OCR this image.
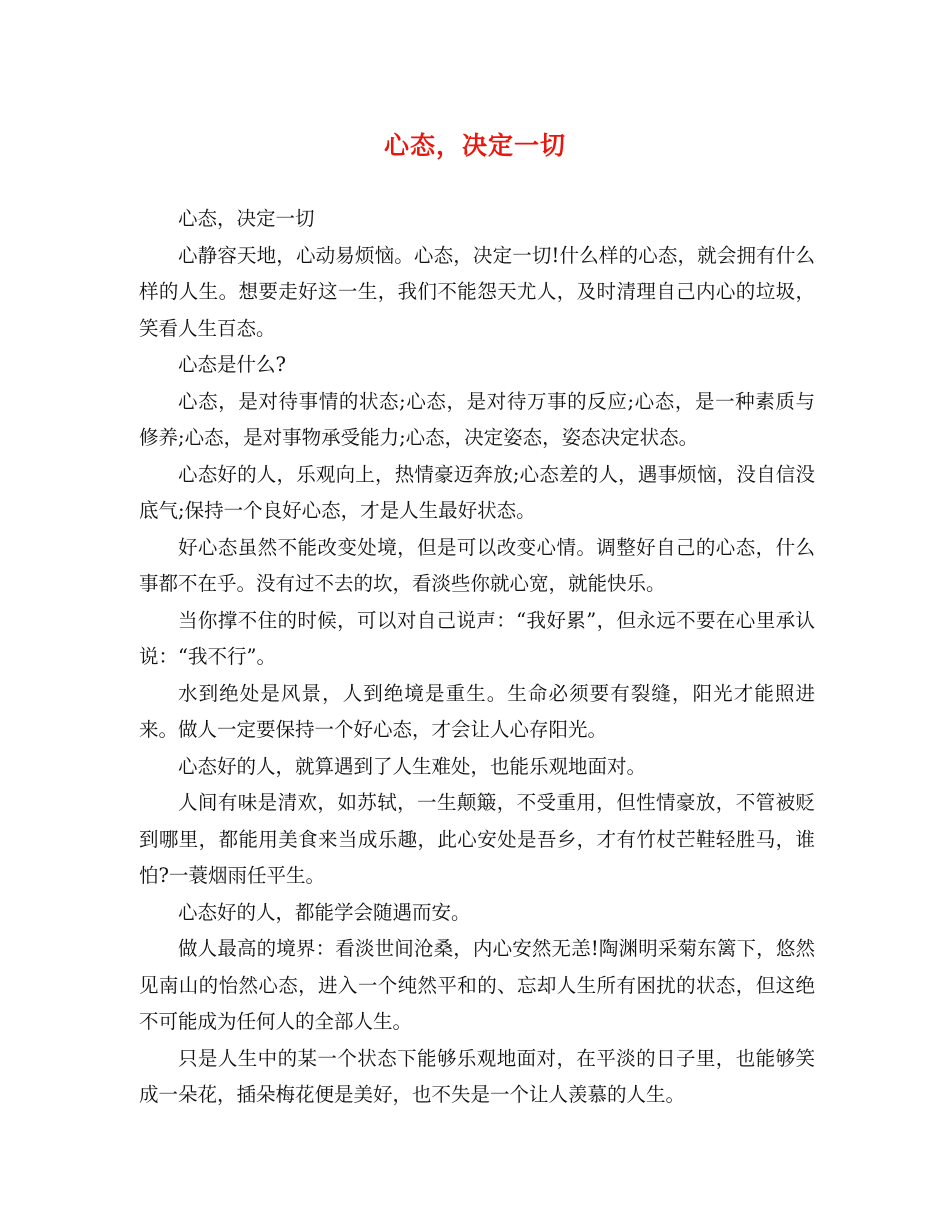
心态，决定一切

心态，决定一切

心静容天地，心动易烦恼。心态，决定一切!什么样的心态，就会拥有什么样的人生。想要走好这一生，我们不能怨天尤人，及时清理自己内心的垃圾，笑看人生百态。

心态是什么?

心态，是对待事情的状态;心态，是对待万事的反应;心态，是一种素质与修养;心态，是对事物承受能力;心态，决定姿态，姿态决定状态。

心态好的人，乐观向上，热情豪迈奔放;心态差的人，遇事烦恼，没自信没底气;保持一个良好心态，才是人生最好状态。

好心态虽然不能改变处境，但是可以改变心情。调整好自己的心态，什么事都不在乎。没有过不去的坎，看淡些你就心宽，就能快乐。

当你撑不住的时候，可以对自己说声：“我好累”，但永远不要在心里承认说：“我不行”。

水到绝处是风景，人到绝境是重生。生命必须要有裂缝，阳光才能照进来。做人一定要保持一个好心态，才会让人心存阳光。

心态好的人，就算遇到了人生难处，也能乐观地面对。

人间有味是清欢，如苏轼，一生颠簸，不受重用，但性情豪放，不管被贬到哪里，都能用美食来当成乐趣，此心安处是吾乡，才有竹杖芒鞋轻胜马，谁怕?一蓑烟雨任平生。

心态好的人，都能学会随遇而安。

做人最高的境界：看淡世间沧桑，内心安然无恙!陶渊明采菊东篱下，悠然见南山的怡然心态，进入一个纯然平和的、忘却人生所有困扰的状态，但这绝不可能成为任何人的全部人生。

只是人生中的某一个状态下能够乐观地面对，在平淡的日子里，也能够笑成一朵花，插朵梅花便是美好，也不失是一个让人羡慕的人生。
